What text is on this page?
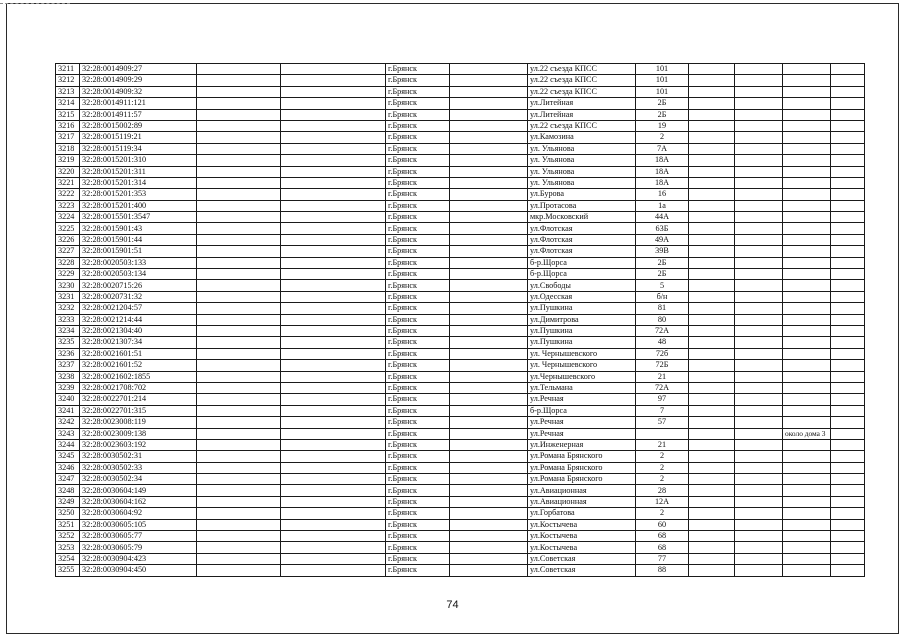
3211	32:28:0014909:27			г.Брянск		ул.22 съезда КПСС	101				
3212	32:28:0014909:29			г.Брянск		ул.22 съезда КПСС	101				
3213	32:28:0014909:32			г.Брянск		ул.22 съезда КПСС	101				
3214	32:28:0014911:121			г.Брянск		ул.Литейная	2Б				
3215	32:28:0014911:57			г.Брянск		ул.Литейная	2Б				
3216	32:28:0015002:89			г.Брянск		ул.22 съезда КПСС	19				
3217	32:28:0015119:21			г.Брянск		ул.Камозина	2				
3218	32:28:0015119:34			г.Брянск		ул. Ульянова	7А				
3219	32:28:0015201:310			г.Брянск		ул. Ульянова	18А				
3220	32:28:0015201:311			г.Брянск		ул. Ульянова	18А				
3221	32:28:0015201:314			г.Брянск		ул. Ульянова	18А				
3222	32:28:0015201:353			г.Брянск		ул.Бурова	16				
3223	32:28:0015201:400			г.Брянск		ул.Протасова	1а				
3224	32:28:0015501:3547			г.Брянск		мкр.Московский	44А				
3225	32:28:0015901:43			г.Брянск		ул.Флотская	63Б				
3226	32:28:0015901:44			г.Брянск		ул.Флотская	49А				
3227	32:28:0015901:51			г.Брянск		ул.Флотская	39В				
3228	32:28:0020503:133			г.Брянск		б-р.Щорса	2Б				
3229	32:28:0020503:134			г.Брянск		б-р.Щорса	2Б				
3230	32:28:0020715:26			г.Брянск		ул.Свободы	5				
3231	32:28:0020731:32			г.Брянск		ул.Одесская	б/н				
3232	32:28:0021204:57			г.Брянск		ул.Пушкина	81				
3233	32:28:0021214:44			г.Брянск		ул.Димитрова	80				
3234	32:28:0021304:40			г.Брянск		ул.Пушкина	72А				
3235	32:28:0021307:34			г.Брянск		ул.Пушкина	48				
3236	32:28:0021601:51			г.Брянск		ул. Чернышевского	72б				
3237	32:28:0021601:52			г.Брянск		ул. Чернышевского	72Б				
3238	32:28:0021602:1855			г.Брянск		ул.Чернышевского	21				
3239	32:28:0021708:702			г.Брянск		ул.Тельмана	72А				
3240	32:28:0022701:214			г.Брянск		ул.Речная	97				
3241	32:28:0022701:315			г.Брянск		б-р.Щорса	7				
3242	32:28:0023008:119			г.Брянск		ул.Речная	57				
3243	32:28:0023009:138			г.Брянск		ул.Речная				около дома 3	
3244	32:28:0023603:192			г.Брянск		ул.Инженерная	21				
3245	32:28:0030502:31			г.Брянск		ул.Романа Брянского	2				
3246	32:28:0030502:33			г.Брянск		ул.Романа Брянского	2				
3247	32:28:0030502:34			г.Брянск		ул.Романа Брянского	2				
3248	32:28:0030604:149			г.Брянск		ул.Авиационная	28				
3249	32:28:0030604:162			г.Брянск		ул.Авиационная	12А				
3250	32:28:0030604:92			г.Брянск		ул.Горбатова	2				
3251	32:28:0030605:105			г.Брянск		ул.Костычева	60				
3252	32:28:0030605:77			г.Брянск		ул.Костычева	68				
3253	32:28:0030605:79			г.Брянск		ул.Костычева	68				
3254	32:28:0030904:423			г.Брянск		ул.Советская	77				
3255	32:28:0030904:450			г.Брянск		ул.Советская	88				
74
